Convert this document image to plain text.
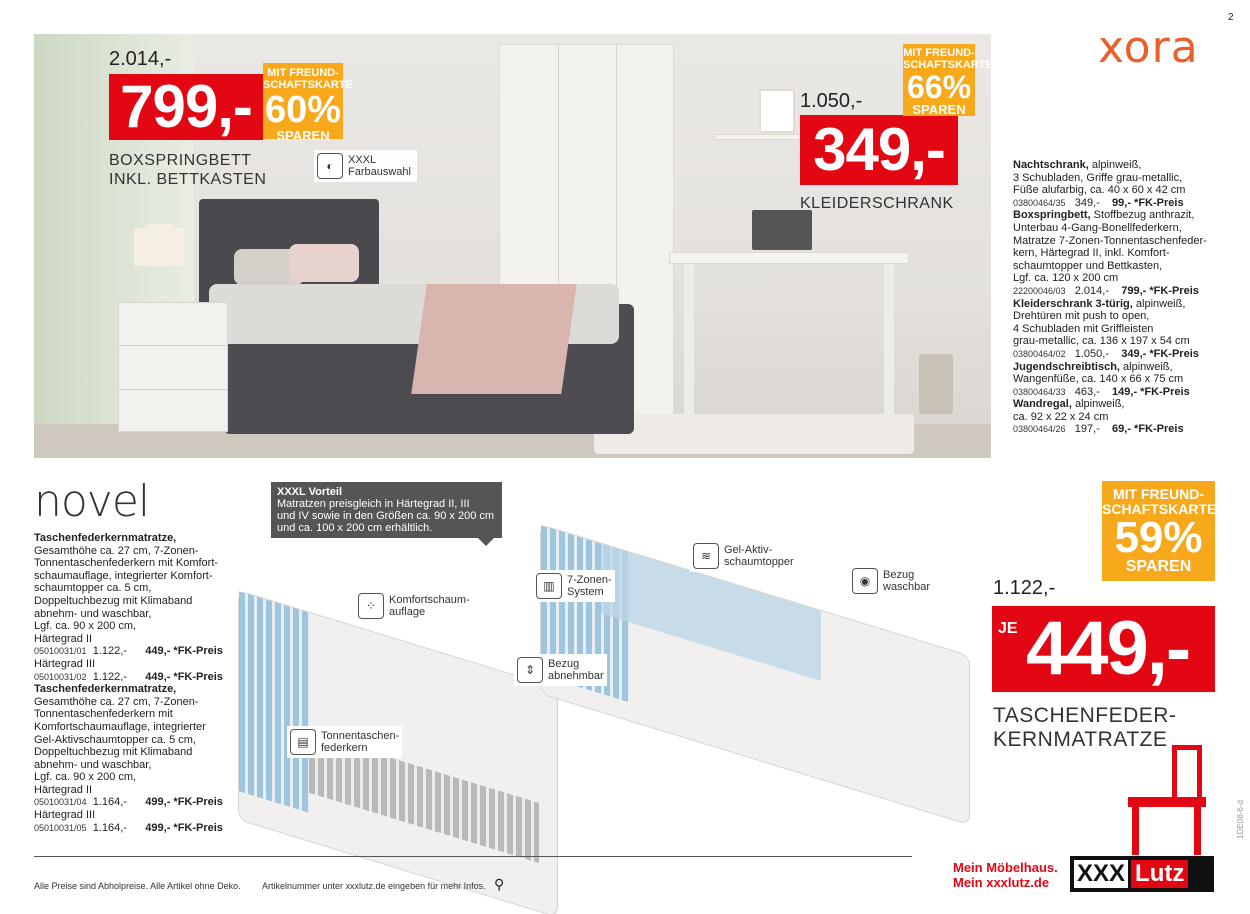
2
2.014,-
799,-	MIT FREUND-
SCHAFTSKARTE
60%
SPAREN
BOXSPRINGBETT
INKL. BETTKASTEN
◐	XXXL
Farbauswahl
1.050,-
349,-
MIT FREUND-
SCHAFTSKARTE
66%
SPAREN
KLEIDERSCHRANK
xora
Nachtschrank, alpinweiß,
3 Schubladen, Griffe grau-metallic,
Füße alufarbig, ca. 40 x 60 x 42 cm
03800464/35 349,- 99,- *FK-Preis
Boxspringbett, Stoffbezug anthrazit,
Unterbau 4-Gang-Bonellfederkern,
Matratze 7-Zonen-Tonnentaschenfeder-
kern, Härtegrad II, inkl. Komfort-
schaumtopper und Bettkasten,
Lgf. ca. 120 x 200 cm
22200046/03 2.014,- 799,- *FK-Preis
Kleiderschrank 3-türig, alpinweiß,
Drehtüren mit push to open,
4 Schubladen mit Griffleisten
grau-metallic, ca. 136 x 197 x 54 cm
03800464/02 1.050,- 349,- *FK-Preis
Jugendschreibtisch, alpinweiß,
Wangenfüße, ca. 140 x 66 x 75 cm
03800464/33 463,- 149,- *FK-Preis
Wandregal, alpinweiß,
ca. 92 x 22 x 24 cm
03800464/26 197,- 69,- *FK-Preis
novel
Taschenfederkernmatratze,
Gesamthöhe ca. 27 cm, 7-Zonen-
Tonnentaschenfederkern mit Komfort-
schaumauflage, integrierter Komfort-
schaumtopper ca. 5 cm,
Doppeltuchbezug mit Klimaband
abnehm- und waschbar,
Lgf. ca. 90 x 200 cm,
Härtegrad II
05010031/01 1.122,- 449,- *FK-Preis
Härtegrad III
05010031/02 1.122,- 449,- *FK-Preis
Taschenfederkernmatratze,
Gesamthöhe ca. 27 cm, 7-Zonen-
Tonnentaschenfederkern mit
Komfortschaumauflage, integrierter
Gel-Aktivschaumtopper ca. 5 cm,
Doppeltuchbezug mit Klimaband
abnehm- und waschbar,
Lgf. ca. 90 x 200 cm,
Härtegrad II
05010031/04 1.164,- 499,- *FK-Preis
Härtegrad III
05010031/05 1.164,- 499,- *FK-Preis
XXXL Vorteil
Matratzen preisgleich in Härtegrad II, III
und IV sowie in den Größen ca. 90 x 200 cm
und ca. 100 x 200 cm erhältlich.
⁘	Komfortschaum-
auflage
▥	7-Zonen-
System
≋	Gel-Aktiv-
schaumtopper
◉	Bezug
waschbar
⇕	Bezug
abnehmbar
▤	Tonnentaschen-
federkern
MIT FREUND-
SCHAFTSKARTE
59%
SPAREN
1.122,-
JE 449,-
TASCHENFEDER-
KERNMATRATZE
Alle Preise sind Abholpreise. Alle Artikel ohne Deko. Artikelnummer unter xxxlutz.de eingeben für mehr Infos. ⚲
Mein Möbelhaus.
Mein xxxlutz.de	XXX Lutz
1DE08-6-d
